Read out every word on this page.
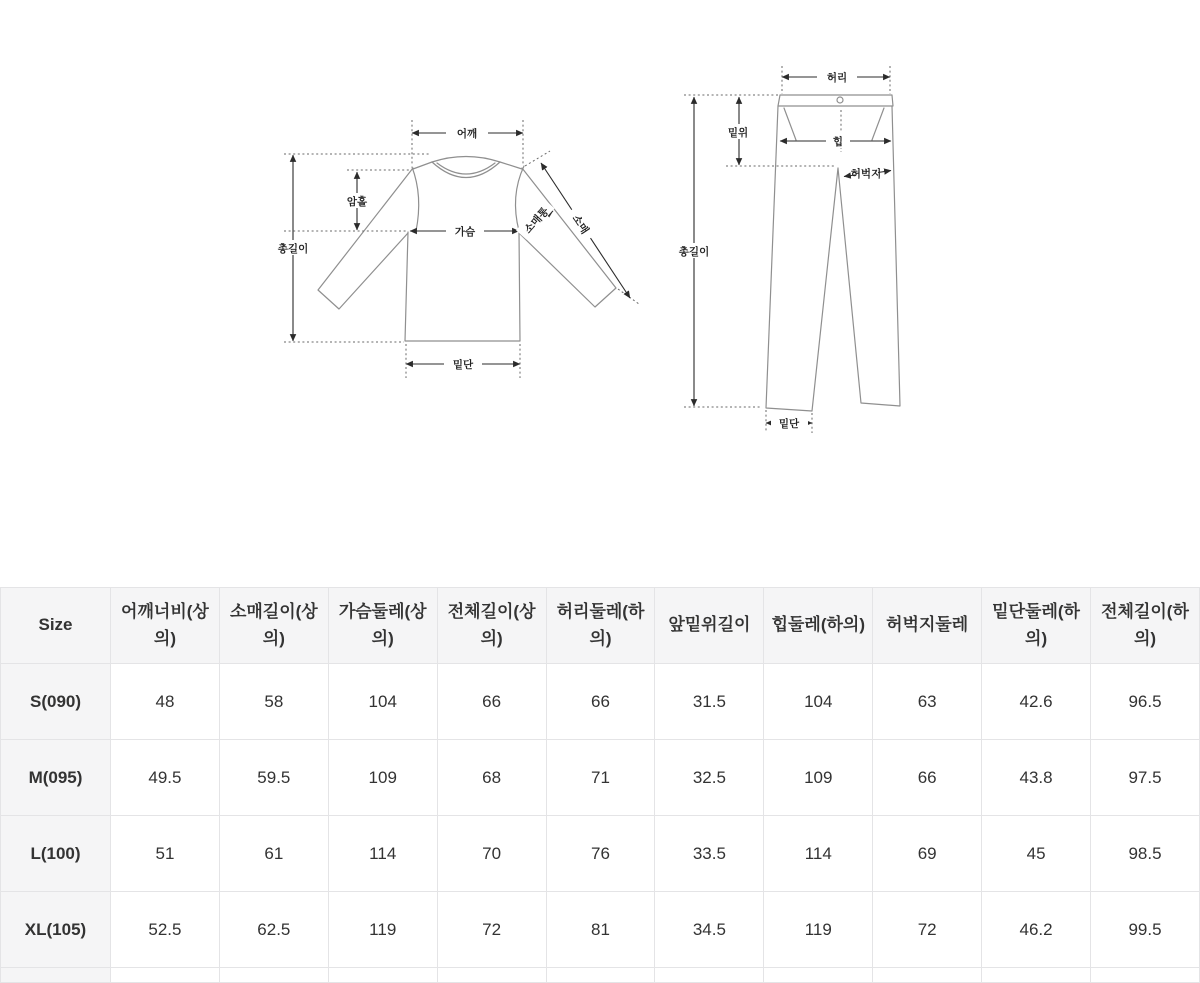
어깨
총길이
암홀
가슴	소매통 소매
밑단
허리
밑위
힙
허벅지
총길이
밑단
Size	어깨너비(상의)	소매길이(상의)	가슴둘레(상의)	전체길이(상의)	허리둘레(하의)	앞밑위길이	힙둘레(하의)	허벅지둘레	밑단둘레(하의)	전체길이(하의)
S(090)	48	58	104	66	66	31.5	104	63	42.6	96.5
M(095)	49.5	59.5	109	68	71	32.5	109	66	43.8	97.5
L(100)	51	61	114	70	76	33.5	114	69	45	98.5
XL(105)	52.5	62.5	119	72	81	34.5	119	72	46.2	99.5
